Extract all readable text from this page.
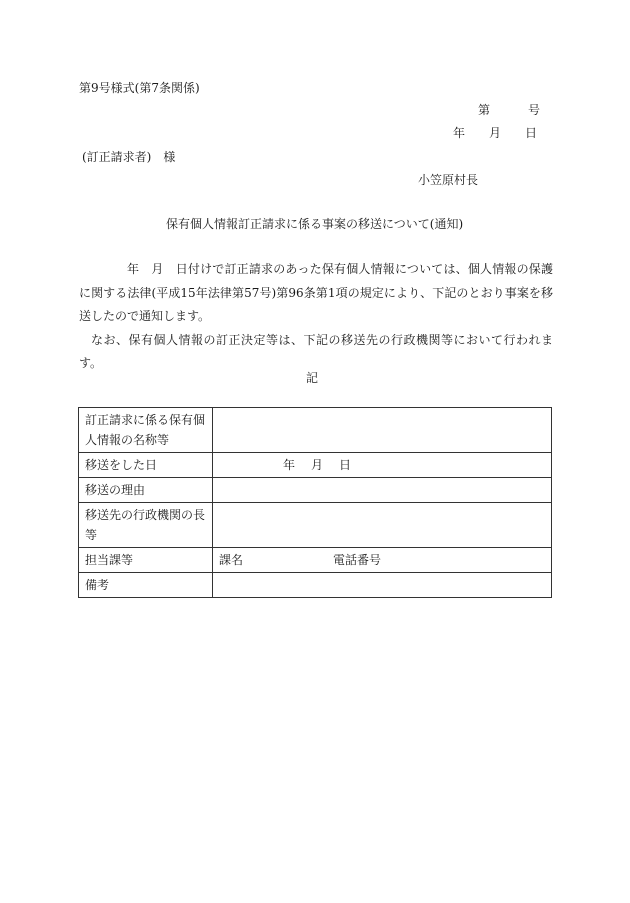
第9号様式(第7条関係)
第	号
年 月 日
(訂正請求者) 様
小笠原村長
保有個人情報訂正請求に係る事案の移送について(通知)

年　月　日付けで訂正請求のあった保有個人情報については、個人情報の保護に関する法律(平成15年法律第57号)第96条第1項の規定により、下記のとおり事案を移送したので通知します。

なお、保有個人情報の訂正決定等は、下記の移送先の行政機関等において行われます。

記
訂正請求に係る保有個人情報の名称等	
移送をした日	年 月 日
移送の理由	
移送先の行政機関の長等	
担当課等	課名 電話番号
備考	
